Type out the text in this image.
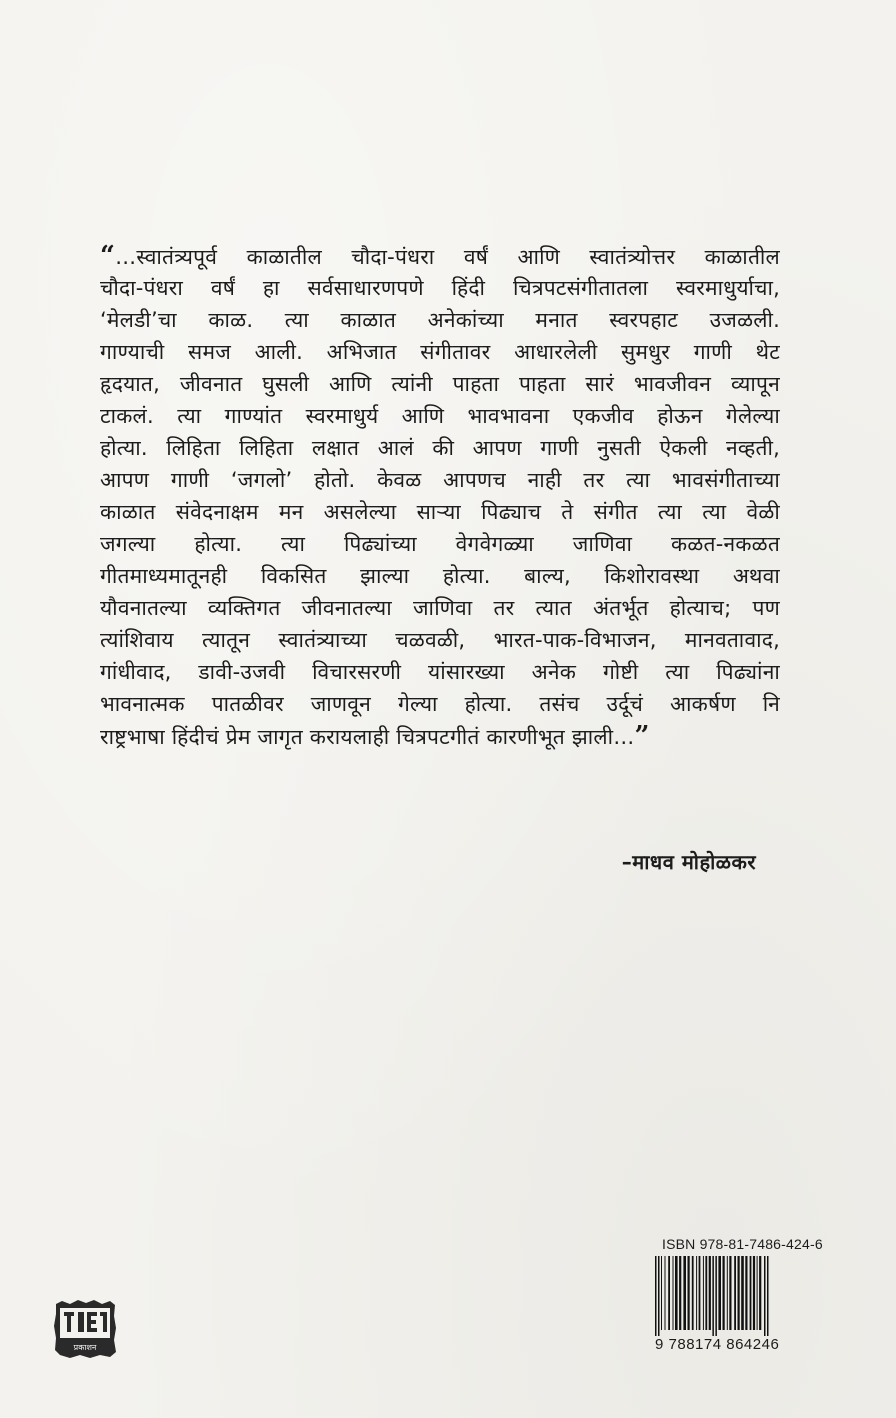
“…स्वातंत्र्यपूर्व काळातील चौदा-पंधरा वर्षं आणि स्वातंत्र्योत्तर काळातील
चौदा-पंधरा वर्षं हा सर्वसाधारणपणे हिंदी चित्रपटसंगीतातला स्वरमाधुर्याचा,
‘मेलडी’चा काळ. त्या काळात अनेकांच्या मनात स्वरपहाट उजळली.
गाण्याची समज आली. अभिजात संगीतावर आधारलेली सुमधुर गाणी थेट
हृदयात, जीवनात घुसली आणि त्यांनी पाहता पाहता सारं भावजीवन व्यापून
टाकलं. त्या गाण्यांत स्वरमाधुर्य आणि भावभावना एकजीव होऊन गेलेल्या
होत्या. लिहिता लिहिता लक्षात आलं की आपण गाणी नुसती ऐकली नव्हती,
आपण गाणी ‘जगलो’ होतो. केवळ आपणच नाही तर त्या भावसंगीताच्या
काळात संवेदनाक्षम मन असलेल्या साऱ्या पिढ्याच ते संगीत त्या त्या वेळी
जगल्या होत्या. त्या पिढ्यांच्या वेगवेगळ्या जाणिवा कळत-नकळत
गीतमाध्यमातूनही विकसित झाल्या होत्या. बाल्य, किशोरावस्था अथवा
यौवनातल्या व्यक्तिगत जीवनातल्या जाणिवा तर त्यात अंतर्भूत होत्याच; पण
त्यांशिवाय त्यातून स्वातंत्र्याच्या चळवळी, भारत-पाक-विभाजन, मानवतावाद,
गांधीवाद, डावी-उजवी विचारसरणी यांसारख्या अनेक गोष्टी त्या पिढ्यांना
भावनात्मक पातळीवर जाणवून गेल्या होत्या. तसंच उर्दूचं आकर्षण नि
राष्ट्रभाषा हिंदीचं प्रेम जागृत करायलाही चित्रपटगीतं कारणीभूत झाली…”
–माधव मोहोळकर
ISBN 978-81-7486-424-6
9 788174 864246
प्रकाशन
